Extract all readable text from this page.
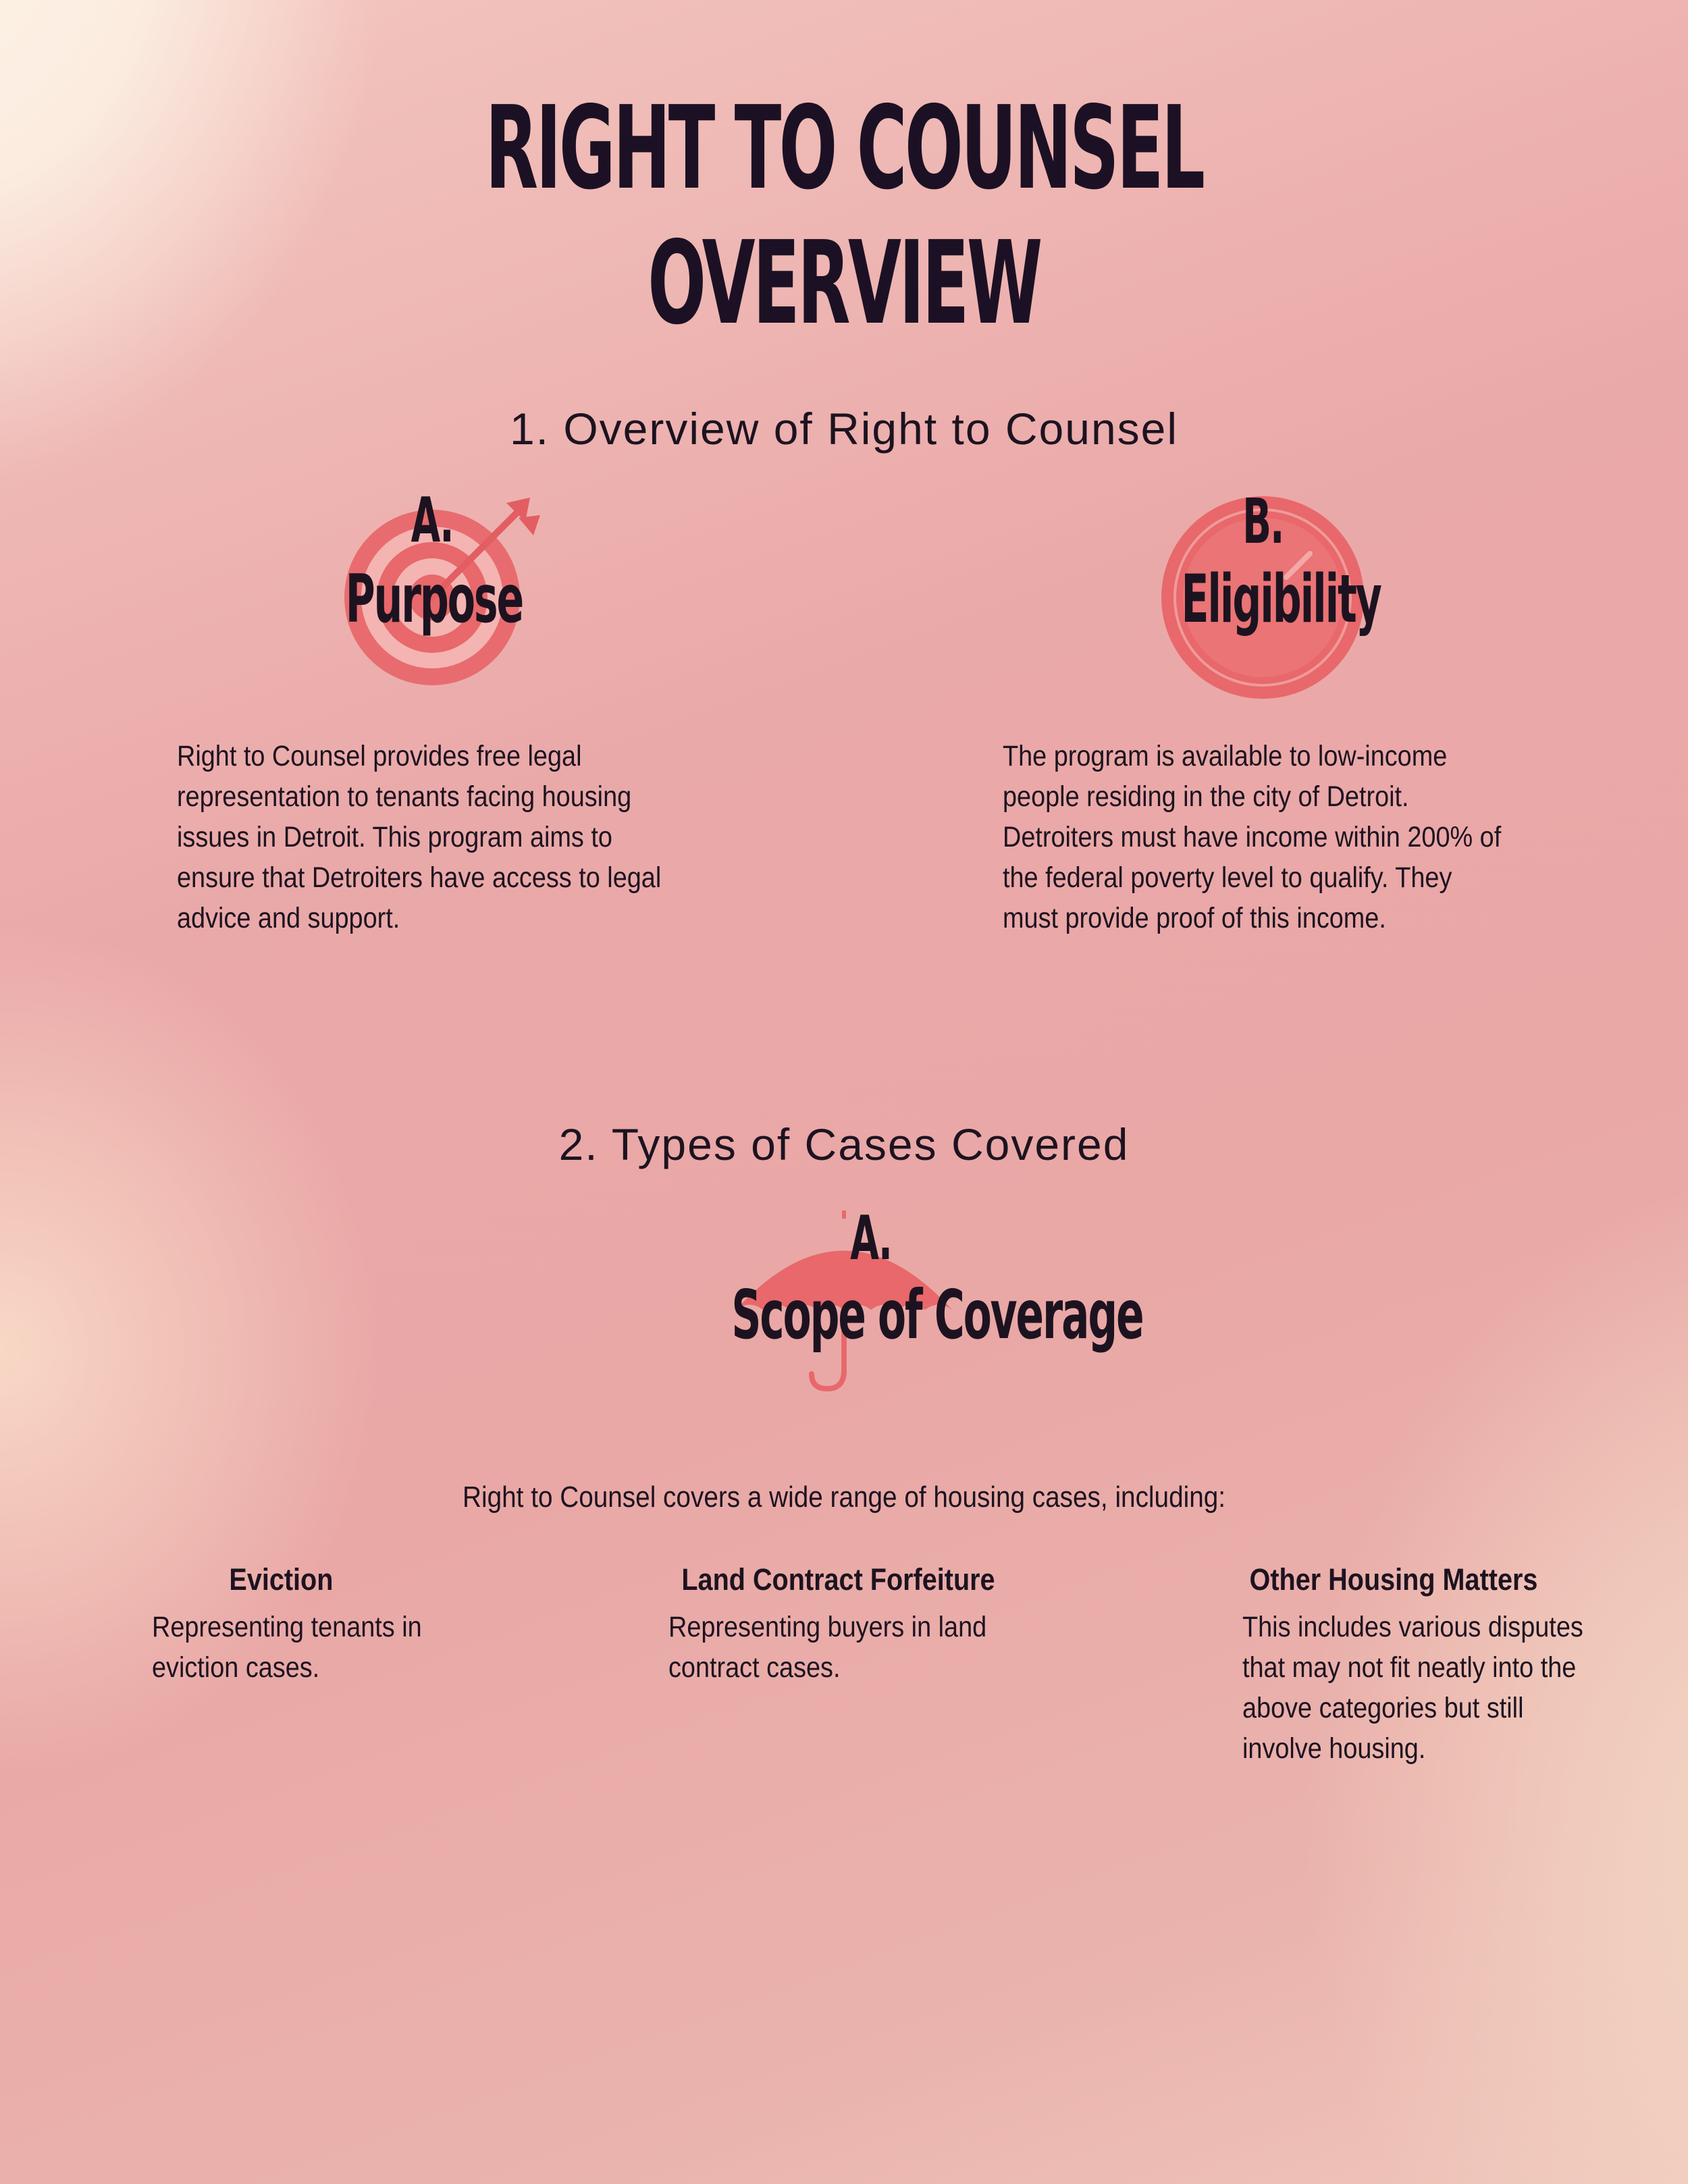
RIGHT TO COUNSEL OVERVIEW
1. Overview of Right to Counsel
A.
Purpose
B.
Eligibility
Right to Counsel provides free legal representation to tenants facing housing issues in Detroit. This program aims to ensure that Detroiters have access to legal advice and support.
The program is available to low-income people residing in the city of Detroit. Detroiters must have income within 200% of the federal poverty level to qualify. They must provide proof of this income.
2. Types of Cases Covered
A.
Scope of Coverage
Right to Counsel covers a wide range of housing cases, including:
Eviction
Representing tenants in eviction cases.
Land Contract Forfeiture
Representing buyers in land contract cases.
Other Housing Matters
This includes various disputes that may not fit neatly into the above categories but still involve housing.
